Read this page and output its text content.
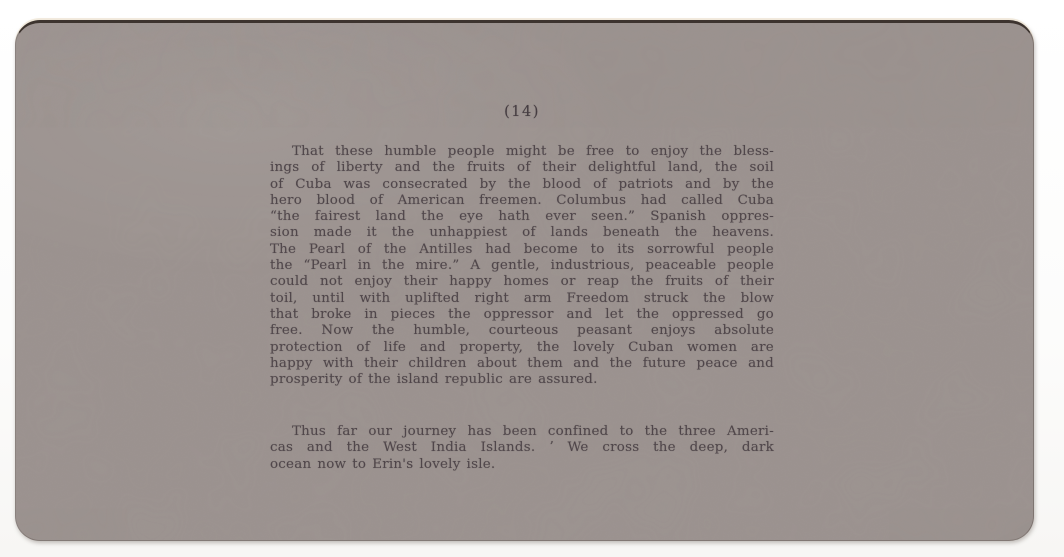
(14)
That these humble people might be free to enjoy the bless-
ings of liberty and the fruits of their delightful land, the soil
of Cuba was consecrated by the blood of patriots and by the
hero blood of American freemen. Columbus had called Cuba
“the fairest land the eye hath ever seen.” Spanish oppres-
sion made it the unhappiest of lands beneath the heavens.
The Pearl of the Antilles had become to its sorrowful people
the “Pearl in the mire.” A gentle, industrious, peaceable people
could not enjoy their happy homes or reap the fruits of their
toil, until with uplifted right arm Freedom struck the blow
that broke in pieces the oppressor and let the oppressed go
free. Now the humble, courteous peasant enjoys absolute
protection of life and property, the lovely Cuban women are
happy with their children about them and the future peace and
prosperity of the island republic are assured.
Thus far our journey has been confined to the three Ameri-
cas and the West India Islands. ʼ We cross the deep, dark
ocean now to Erin's lovely isle.
